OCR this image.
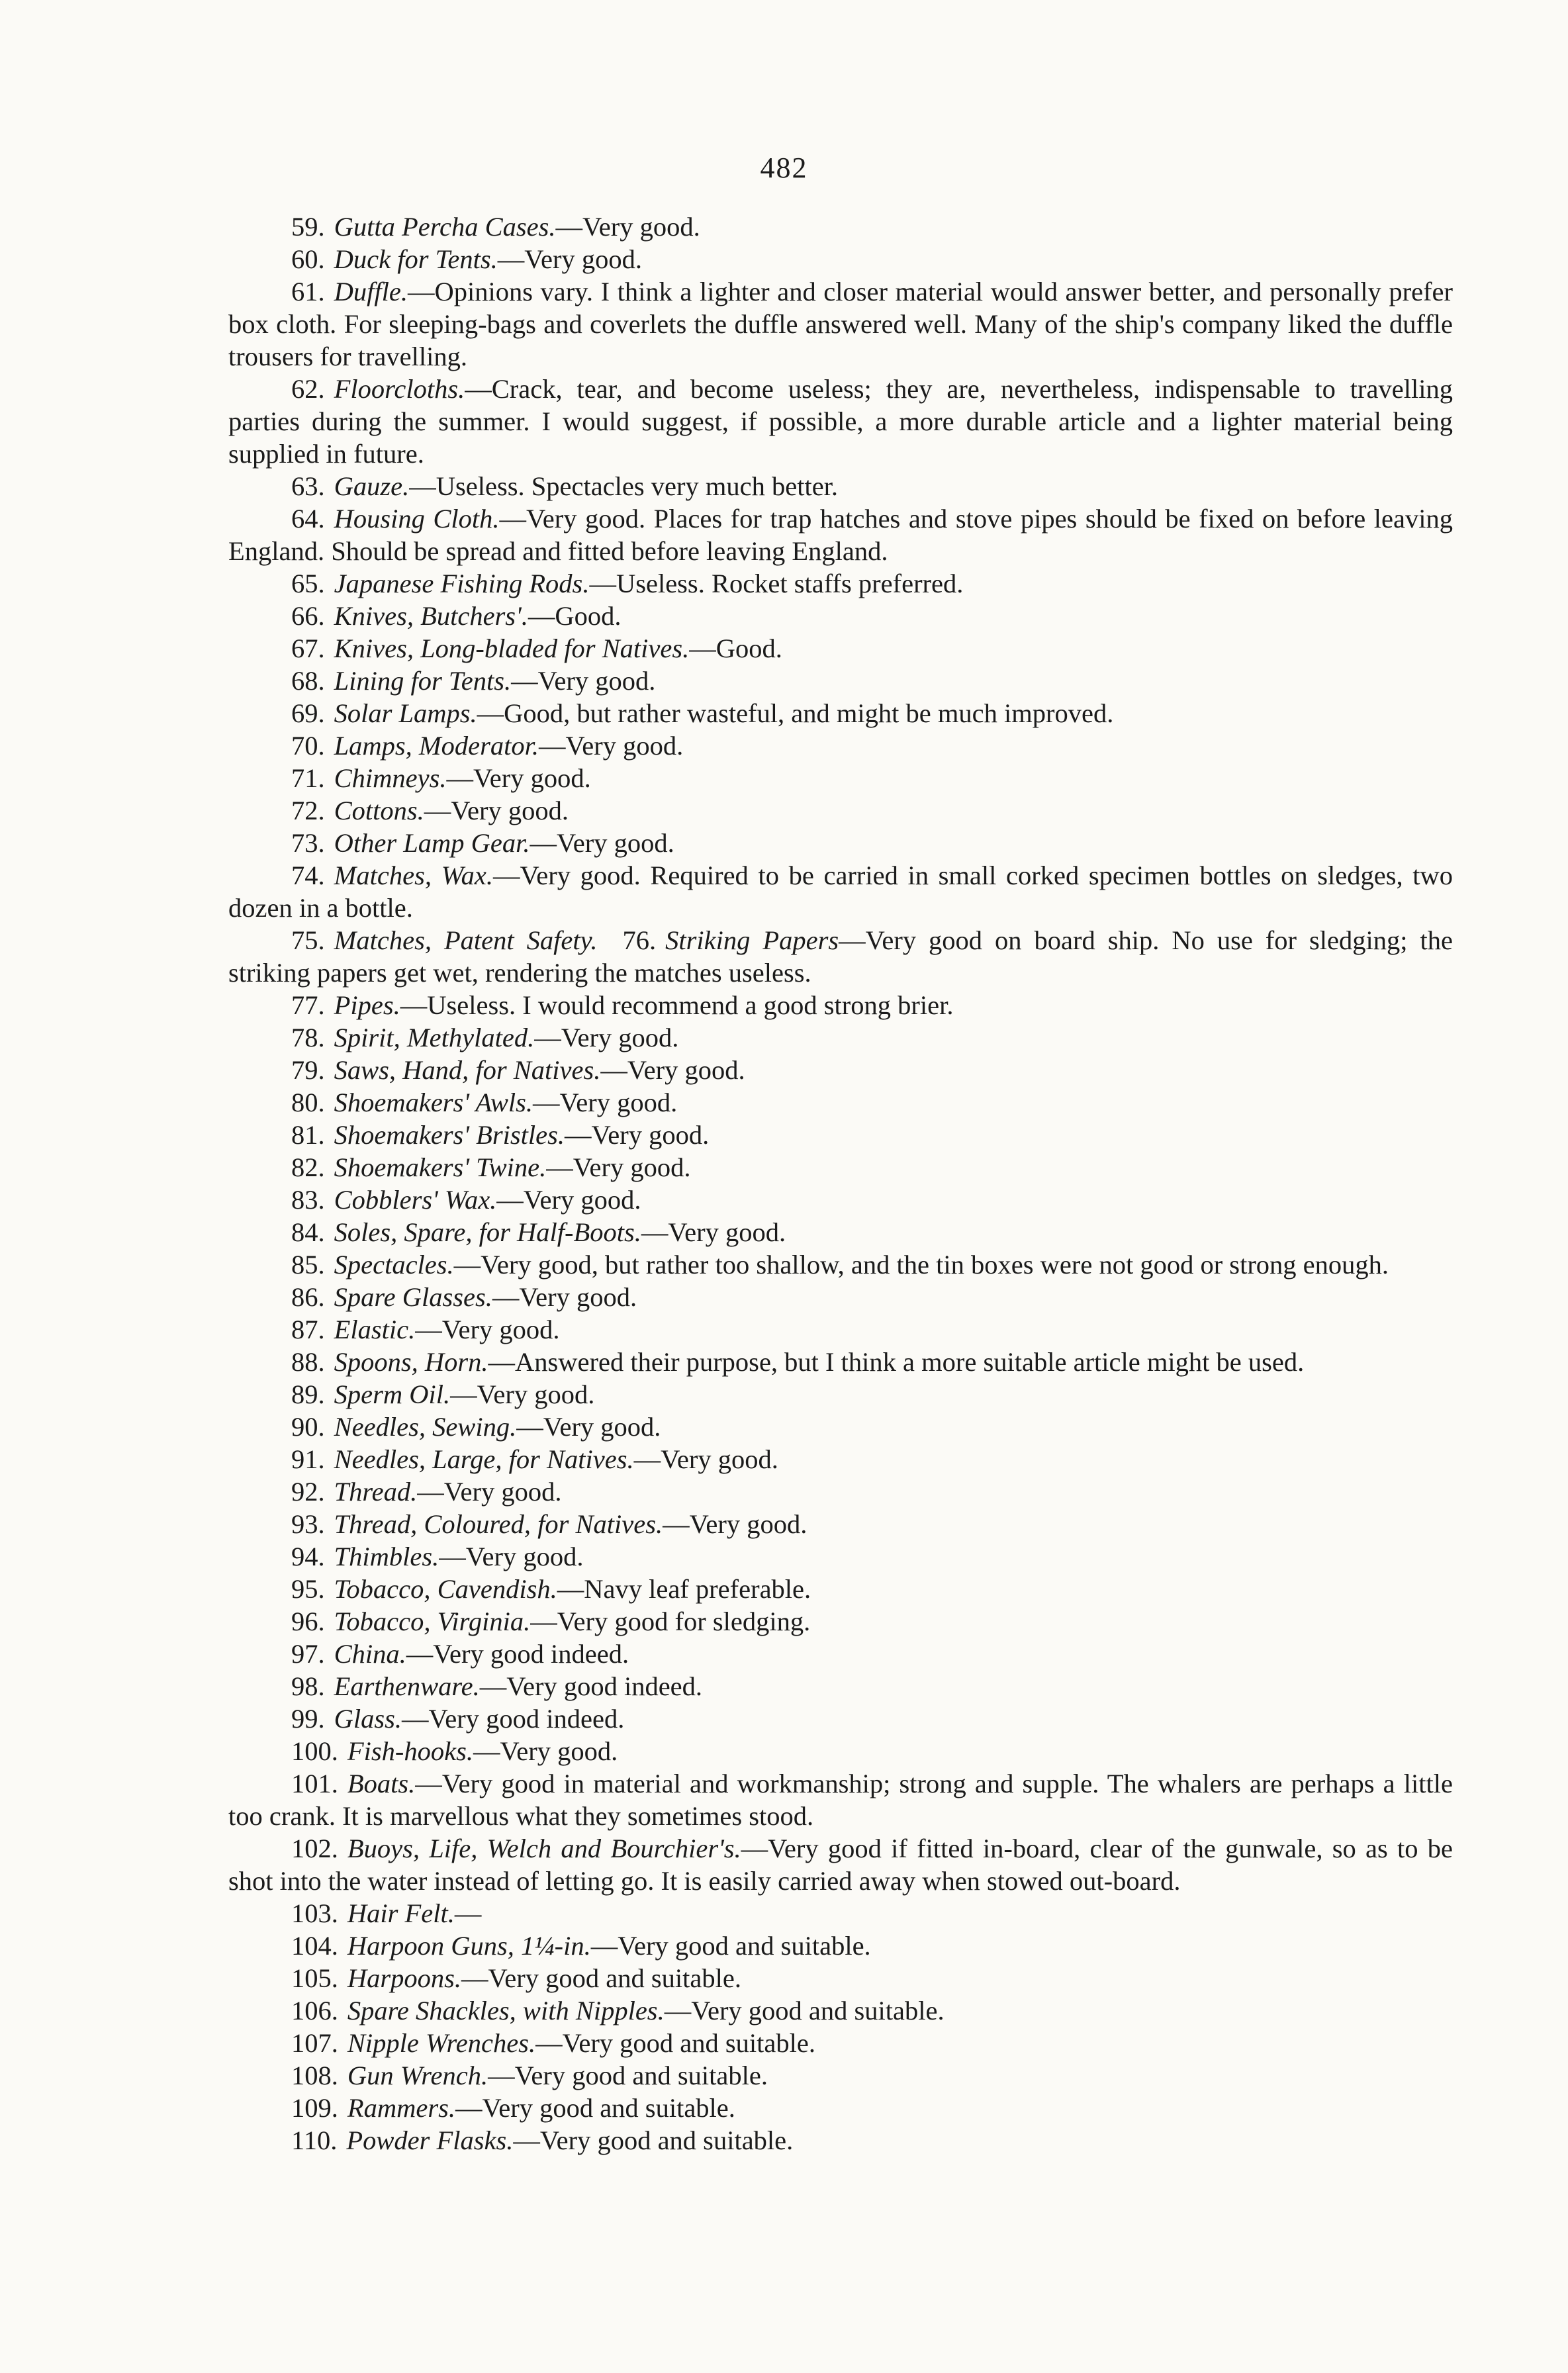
482

59. Gutta Percha Cases.—Very good.

60. Duck for Tents.—Very good.

61. Duffle.—Opinions vary. I think a lighter and closer material would answer better, and personally prefer box cloth. For sleeping-bags and coverlets the duffle answered well. Many of the ship's company liked the duffle trousers for travelling.

62. Floorcloths.—Crack, tear, and become useless; they are, nevertheless, indispensable to travelling parties during the summer. I would suggest, if possible, a more durable article and a lighter material being supplied in future.

63. Gauze.—Useless. Spectacles very much better.

64. Housing Cloth.—Very good. Places for trap hatches and stove pipes should be fixed on before leaving England. Should be spread and fitted before leaving England.

65. Japanese Fishing Rods.—Useless. Rocket staffs preferred.

66. Knives, Butchers'.—Good.

67. Knives, Long-bladed for Natives.—Good.

68. Lining for Tents.—Very good.

69. Solar Lamps.—Good, but rather wasteful, and might be much improved.

70. Lamps, Moderator.—Very good.

71. Chimneys.—Very good.

72. Cottons.—Very good.

73. Other Lamp Gear.—Very good.

74. Matches, Wax.—Very good. Required to be carried in small corked specimen bottles on sledges, two dozen in a bottle.

75. Matches, Patent Safety. 76. Striking Papers—Very good on board ship. No use for sledging; the striking papers get wet, rendering the matches useless.

77. Pipes.—Useless. I would recommend a good strong brier.

78. Spirit, Methylated.—Very good.

79. Saws, Hand, for Natives.—Very good.

80. Shoemakers' Awls.—Very good.

81. Shoemakers' Bristles.—Very good.

82. Shoemakers' Twine.—Very good.

83. Cobblers' Wax.—Very good.

84. Soles, Spare, for Half-Boots.—Very good.

85. Spectacles.—Very good, but rather too shallow, and the tin boxes were not good or strong enough.

86. Spare Glasses.—Very good.

87. Elastic.—Very good.

88. Spoons, Horn.—Answered their purpose, but I think a more suitable article might be used.

89. Sperm Oil.—Very good.

90. Needles, Sewing.—Very good.

91. Needles, Large, for Natives.—Very good.

92. Thread.—Very good.

93. Thread, Coloured, for Natives.—Very good.

94. Thimbles.—Very good.

95. Tobacco, Cavendish.—Navy leaf preferable.

96. Tobacco, Virginia.—Very good for sledging.

97. China.—Very good indeed.

98. Earthenware.—Very good indeed.

99. Glass.—Very good indeed.

100. Fish-hooks.—Very good.

101. Boats.—Very good in material and workmanship; strong and supple. The whalers are perhaps a little too crank. It is marvellous what they sometimes stood.

102. Buoys, Life, Welch and Bourchier's.—Very good if fitted in-board, clear of the gunwale, so as to be shot into the water instead of letting go. It is easily carried away when stowed out-board.

103. Hair Felt.—

104. Harpoon Guns, 1¼-in.—Very good and suitable.

105. Harpoons.—Very good and suitable.

106. Spare Shackles, with Nipples.—Very good and suitable.

107. Nipple Wrenches.—Very good and suitable.

108. Gun Wrench.—Very good and suitable.

109. Rammers.—Very good and suitable.

110. Powder Flasks.—Very good and suitable.
